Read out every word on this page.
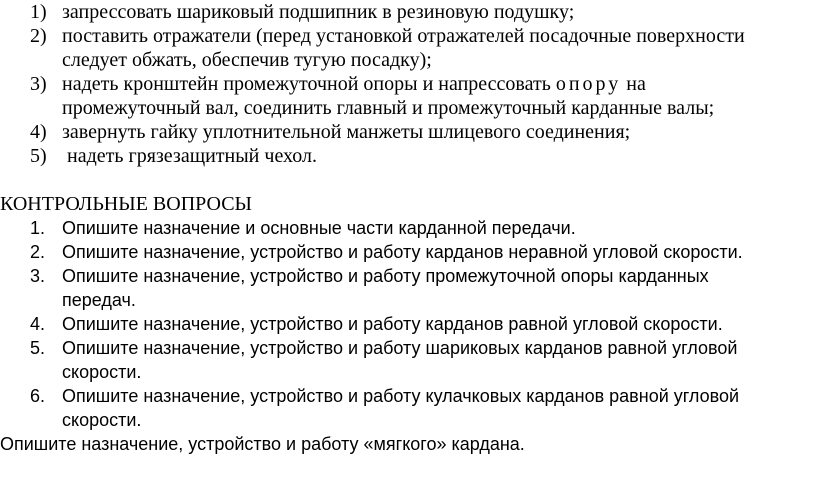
1) запрессовать шариковый подшипник в резиновую подушку;
2) поставить отражатели (перед установкой отражателей посадочные поверхности
следует обжать, обеспечив тугую посадку);
3) надеть кронштейн промежуточной опоры и напрессовать опору на
промежуточный вал, соединить главный и промежуточный карданные валы;
4) завернуть гайку уплотнительной манжеты шлицевого соединения;
5) надеть грязезащитный чехол.
КОНТРОЛЬНЫЕ ВОПРОСЫ
1. Опишите назначение и основные части карданной передачи.
2. Опишите назначение, устройство и работу карданов неравной угловой скорости.
3. Опишите назначение, устройство и работу промежуточной опоры карданных
передач.
4. Опишите назначение, устройство и работу карданов равной угловой скорости.
5. Опишите назначение, устройство и работу шариковых карданов равной угловой
скорости.
6. Опишите назначение, устройство и работу кулачковых карданов равной угловой
скорости.
Опишите назначение, устройство и работу «мягкого» кардана.
